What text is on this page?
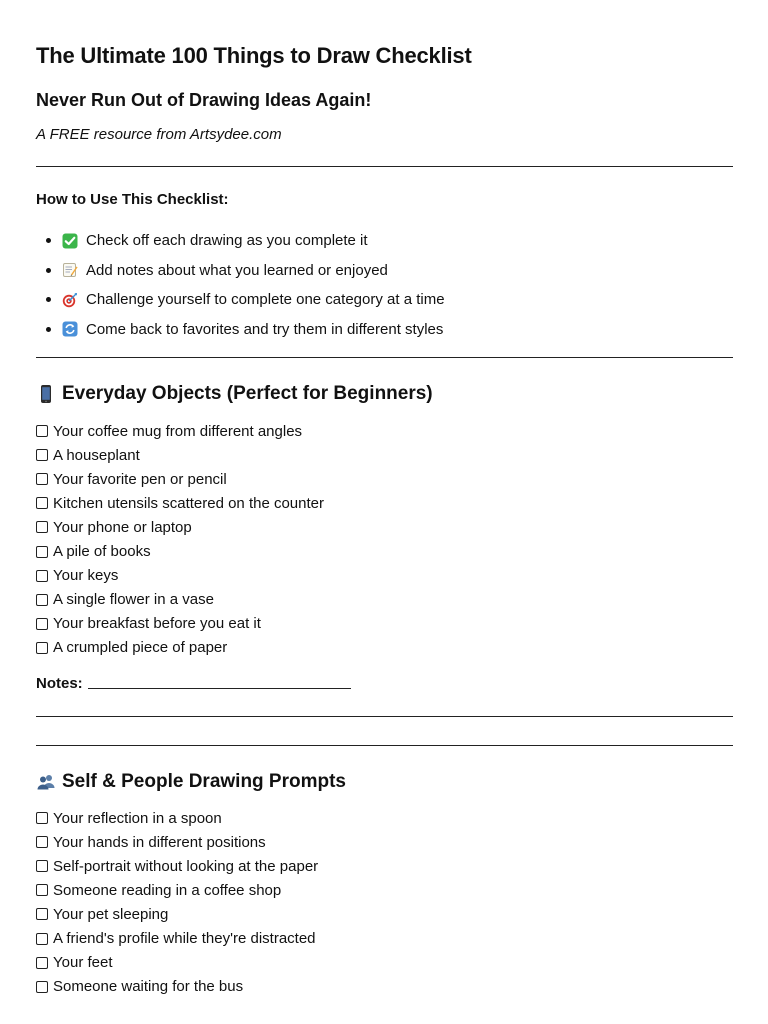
The Ultimate 100 Things to Draw Checklist
Never Run Out of Drawing Ideas Again!

A FREE resource from Artsydee.com

How to Use This Checklist:
Check off each drawing as you complete it
Add notes about what you learned or enjoyed
Challenge yourself to complete one category at a time
Come back to favorites and try them in different styles
Everyday Objects (Perfect for Beginners)
Your coffee mug from different angles
A houseplant
Your favorite pen or pencil
Kitchen utensils scattered on the counter
Your phone or laptop
A pile of books
Your keys
A single flower in a vase
Your breakfast before you eat it
A crumpled piece of paper
Notes:
Self & People Drawing Prompts
Your reflection in a spoon
Your hands in different positions
Self-portrait without looking at the paper
Someone reading in a coffee shop
Your pet sleeping
A friend's profile while they're distracted
Your feet
Someone waiting for the bus
